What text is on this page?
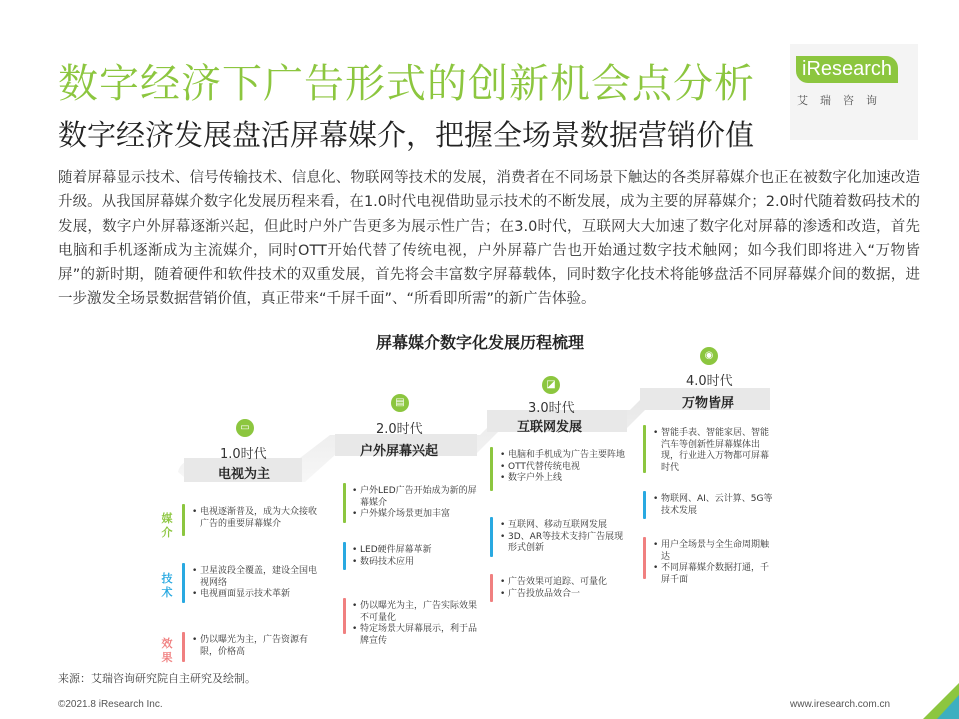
数字经济下广告形式的创新机会点分析
数字经济发展盘活屏幕媒介，把握全场景数据营销价值
iResearch
艾瑞咨询
随着屏幕显示技术、信号传输技术、信息化、物联网等技术的发展，消费者在不同场景下触达的各类屏幕媒介也正在被数字化加速改造升级。从我国屏幕媒介数字化发展历程来看，在1.0时代电视借助显示技术的不断发展，成为主要的屏幕媒介；2.0时代随着数码技术的发展，数字户外屏幕逐渐兴起，但此时户外广告更多为展示性广告；在3.0时代，互联网大大加速了数字化对屏幕的渗透和改造，首先电脑和手机逐渐成为主流媒介，同时OTT开始代替了传统电视，户外屏幕广告也开始通过数字技术触网；如今我们即将进入“万物皆屏”的新时期，随着硬件和软件技术的双重发展，首先将会丰富数字屏幕载体，同时数字化技术将能够盘活不同屏幕媒介间的数据，进一步激发全场景数据营销价值，真正带来“千屏千面”、“所看即所需”的新广告体验。
屏幕媒介数字化发展历程梳理
▭
▤
◪
◉
1.0时代
电视为主
2.0时代
户外屏幕兴起
3.0时代
互联网发展
4.0时代
万物皆屏
媒介
技术
效果
• 电视逐渐普及，成为大众接收广告的重要屏幕媒介
• 卫星波段全覆盖，建设全国电视网络
• 电视画面显示技术革新
• 仍以曝光为主，广告资源有限，价格高
• 户外LED广告开始成为新的屏幕媒介
• 户外媒介场景更加丰富
• LED硬件屏幕革新
• 数码技术应用
• 仍以曝光为主，广告实际效果不可量化
• 特定场景大屏幕展示，利于品牌宣传
• 电脑和手机成为广告主要阵地
• OTT代替传统电视
• 数字户外上线
• 互联网、移动互联网发展
• 3D、AR等技术支持广告展现形式创新
• 广告效果可追踪、可量化
• 广告投放品效合一
• 智能手表、智能家居、智能汽车等创新性屏幕媒体出现，行业进入万物都可屏幕时代
• 物联网、AI、云计算、5G等技术发展
• 用户全场景与全生命周期触达
• 不同屏幕媒介数据打通，千屏千面
来源：艾瑞咨询研究院自主研究及绘制。
©2021.8 iResearch Inc.	www.iresearch.com.cn	5
